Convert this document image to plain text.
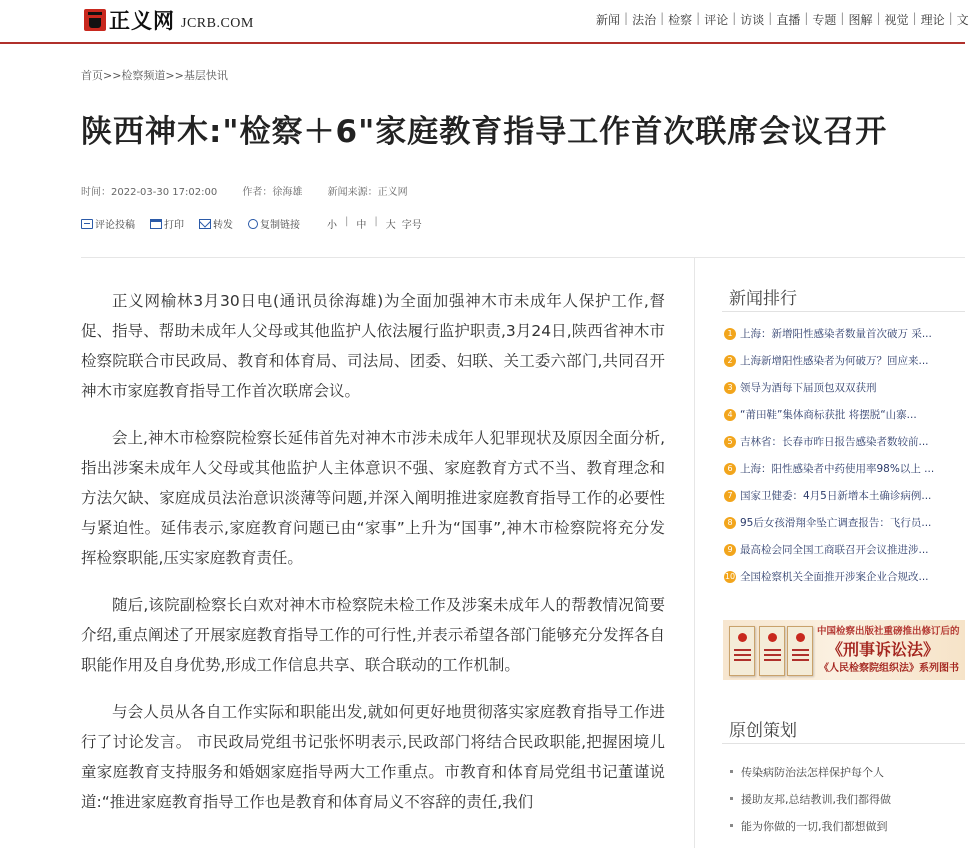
正义网 JCRB.COM	新闻 | 法治 | 检察 | 评论 | 访谈 | 直播 | 专题 | 图解 | 视觉 | 理论 | 文
首页>>检察频道>>基层快讯
陕西神木:"检察＋6"家庭教育指导工作首次联席会议召开
时间：2022-03-30 17:02:00	作者：徐海雄	新闻来源：正义网
评论投稿	打印	转发	复制链接	小 | 中 | 大 字号

正义网榆林3月30日电(通讯员徐海雄)为全面加强神木市未成年人保护工作,督促、指导、帮助未成年人父母或其他监护人依法履行监护职责,3月24日,陕西省神木市检察院联合市民政局、教育和体育局、司法局、团委、妇联、关工委六部门,共同召开神木市家庭教育指导工作首次联席会议。

会上,神木市检察院检察长延伟首先对神木市涉未成年人犯罪现状及原因全面分析,指出涉案未成年人父母或其他监护人主体意识不强、家庭教育方式不当、教育理念和方法欠缺、家庭成员法治意识淡薄等问题,并深入阐明推进家庭教育指导工作的必要性与紧迫性。延伟表示,家庭教育问题已由“家事”上升为“国事”,神木市检察院将充分发挥检察职能,压实家庭教育责任。

随后,该院副检察长白欢对神木市检察院未检工作及涉案未成年人的帮教情况简要介绍,重点阐述了开展家庭教育指导工作的可行性,并表示希望各部门能够充分发挥各自职能作用及自身优势,形成工作信息共享、联合联动的工作机制。

与会人员从各自工作实际和职能出发,就如何更好地贯彻落实家庭教育指导工作进行了讨论发言。 市民政局党组书记张怀明表示,民政部门将结合民政职能,把握困境儿童家庭教育支持服务和婚姻家庭指导两大工作重点。市教育和体育局党组书记董谨说道:“推进家庭教育指导工作也是教育和体育局义不容辞的责任,我们

新闻排行
1 上海：新增阳性感染者数量首次破万 采...
2 上海新增阳性感染者为何破万？回应来...
3 领导为酒每下届顶包双双获刑
4 “莆田鞋”集体商标获批 将摆脱“山寨...
5 吉林省：长春市昨日报告感染者数较前...
6 上海：阳性感染者中药使用率98%以上 ...
7 国家卫健委：4月5日新增本土确诊病例...
8 95后女孩滑翔伞坠亡调查报告：飞行员...
9 最高检会同全国工商联召开会议推进涉...
10 全国检察机关全面推开涉案企业合规改...
中国检察出版社重磅推出修订后的
《刑事诉讼法》
《人民检察院组织法》系列图书
原创策划
传染病防治法怎样保护每个人
援助友邦,总结教训,我们都得做
能为你做的一切,我们都想做到
